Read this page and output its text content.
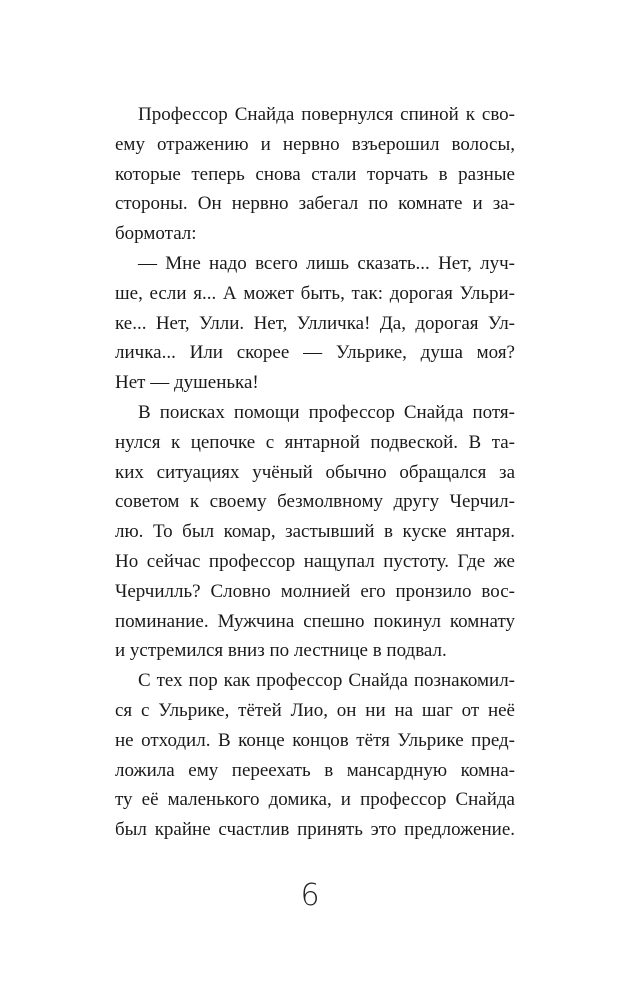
Профессор Снайда повернулся спиной к сво-
ему отражению и нервно взъерошил волосы,
которые теперь снова стали торчать в разные
стороны. Он нервно забегал по комнате и за-
бормотал:
— Мне надо всего лишь сказать... Нет, луч-
ше, если я... А может быть, так: дорогая Ульри-
ке... Нет, Улли. Нет, Улличка! Да, дорогая Ул-
личка... Или скорее — Ульрике, душа моя?
Нет — душенька!
В поисках помощи профессор Снайда потя-
нулся к цепочке с янтарной подвеской. В та-
ких ситуациях учёный обычно обращался за
советом к своему безмолвному другу Черчил-
лю. То был комар, застывший в куске янтаря.
Но сейчас профессор нащупал пустоту. Где же
Черчилль? Словно молнией его пронзило вос-
поминание. Мужчина спешно покинул комнату
и устремился вниз по лестнице в подвал.
С тех пор как профессор Снайда познакомил-
ся с Ульрике, тётей Лио, он ни на шаг от неё
не отходил. В конце концов тётя Ульрике пред-
ложила ему переехать в мансардную комна-
ту её маленького домика, и профессор Снайда
был крайне счастлив принять это предложение.
6
